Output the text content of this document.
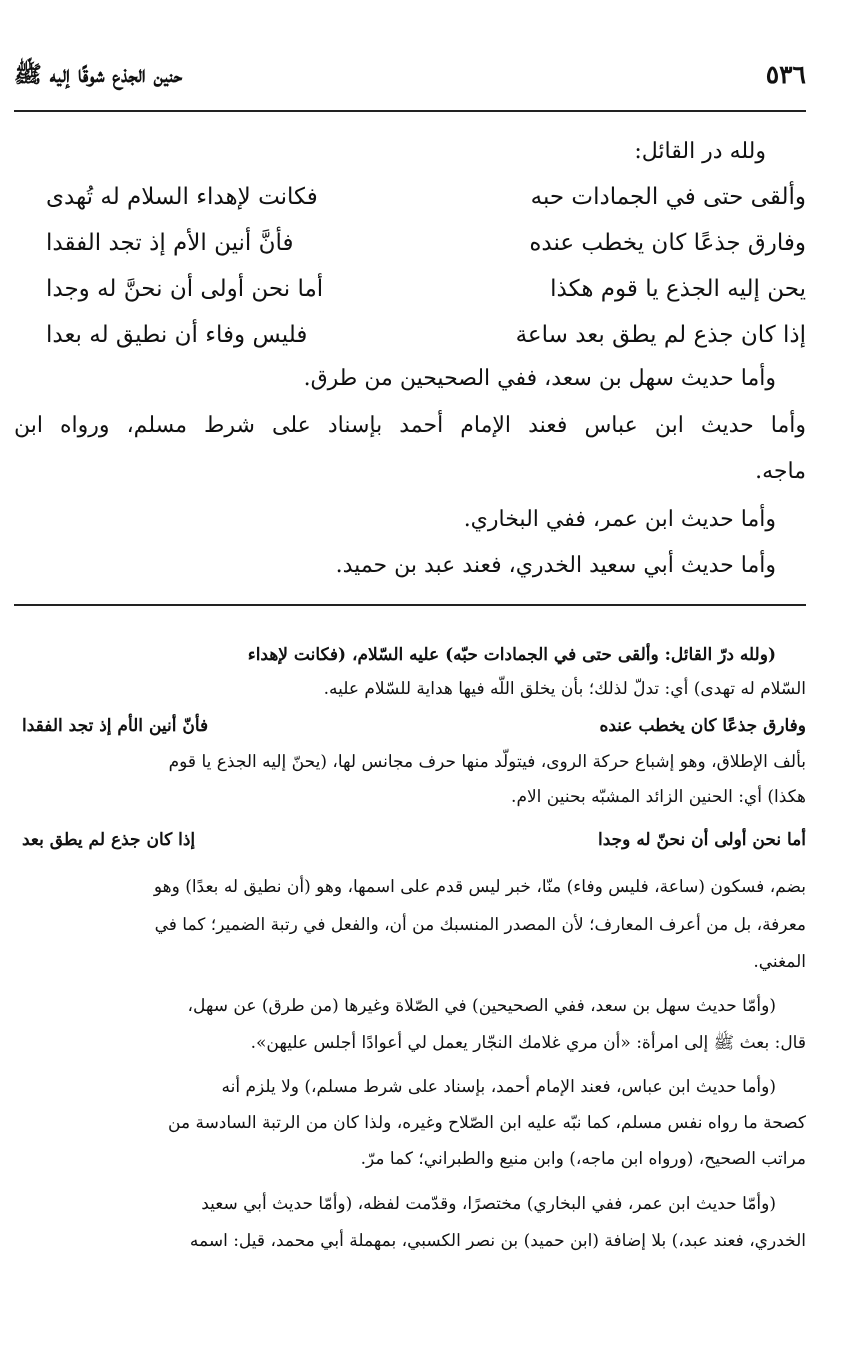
٥٣٦
حنين الجذع شوقًا إليه ﷺ
ولله در القائل:
وألقى حتى في الجمادات حبه
فكانت لإهداء السلام له تُهدى
وفارق جذعًا كان يخطب عنده
فأنَّ أنين الأم إذ تجد الفقدا
يحن إليه الجذع يا قوم هكذا
أما نحن أولى أن نحنَّ له وجدا
إذا كان جذع لم يطق بعد ساعة
فليس وفاء أن نطيق له بعدا
وأما حديث سهل بن سعد، ففي الصحيحين من طرق.
وأما حديث ابن عباس فعند الإمام أحمد بإسناد على شرط مسلم، ورواه ابن
ماجه.
وأما حديث ابن عمر، ففي البخاري.
وأما حديث أبي سعيد الخدري، فعند عبد بن حميد.
(ولله درّ القائل: وألقى حتى في الجمادات حبّه) عليه السّلام، (فكانت لإهداء
السّلام له تهدى) أي: تدلّ لذلك؛ بأن يخلق اللّه فيها هداية للسّلام عليه.
وفارق جذعًا كان يخطب عنده
فأنّ أنين الأم إذ تجد الفقدا
بألف الإطلاق، وهو إشباع حركة الروى، فيتولّد منها حرف مجانس لها، (يحنّ إليه الجذع يا قوم
هكذا) أي: الحنين الزائد المشبّه بحنين الام.
أما نحن أولى أن نحنّ له وجدا
إذا كان جذع لم يطق بعد
بضم، فسكون (ساعة، فليس وفاء) منّا، خبر ليس قدم على اسمها، وهو (أن نطيق له بعدًا) وهو
معرفة، بل من أعرف المعارف؛ لأن المصدر المنسبك من أن، والفعل في رتبة الضمير؛ كما في
المغني.
(وأمّا حديث سهل بن سعد، ففي الصحيحين) في الصّلاة وغيرها (من طرق) عن سهل،
قال: بعث ﷺ إلى امرأة: «أن مري غلامك النجّار يعمل لي أعوادًا أجلس عليهن».
(وأما حديث ابن عباس، فعند الإمام أحمد، بإسناد على شرط مسلم،) ولا يلزم أنه
كصحة ما رواه نفس مسلم، كما نبّه عليه ابن الصّلاح وغيره، ولذا كان من الرتبة السادسة من
مراتب الصحيح، (ورواه ابن ماجه،) وابن منيع والطبراني؛ كما مرّ.
(وأمّا حديث ابن عمر، ففي البخاري) مختصرًا، وقدّمت لفظه، (وأمّا حديث أبي سعيد
الخدري، فعند عبد،) بلا إضافة (ابن حميد) بن نصر الكسبي، بمهملة أبي محمد، قيل: اسمه
